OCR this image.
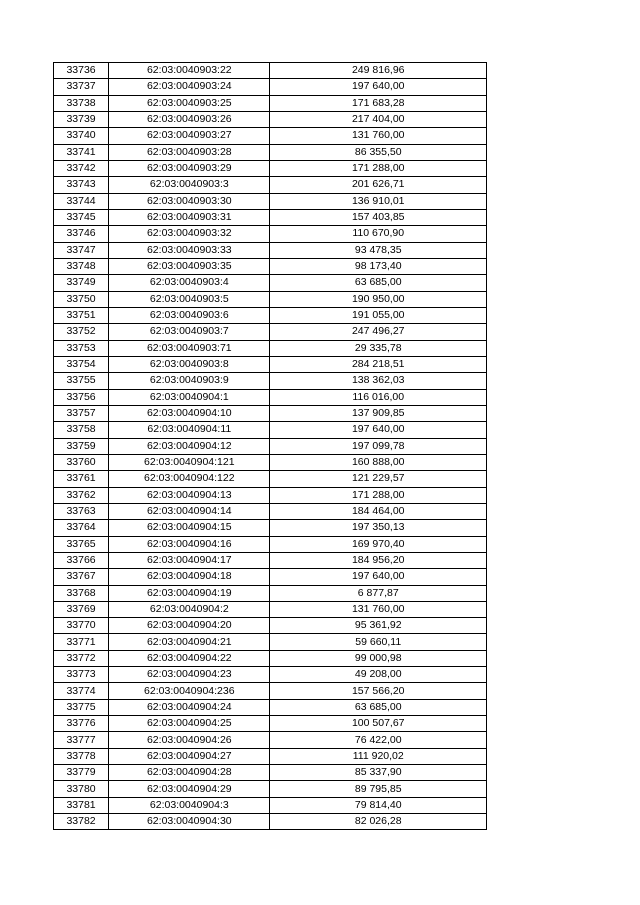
33736	62:03:0040903:22	249 816,96
33737	62:03:0040903:24	197 640,00
33738	62:03:0040903:25	171 683,28
33739	62:03:0040903:26	217 404,00
33740	62:03:0040903:27	131 760,00
33741	62:03:0040903:28	86 355,50
33742	62:03:0040903:29	171 288,00
33743	62:03:0040903:3	201 626,71
33744	62:03:0040903:30	136 910,01
33745	62:03:0040903:31	157 403,85
33746	62:03:0040903:32	110 670,90
33747	62:03:0040903:33	93 478,35
33748	62:03:0040903:35	98 173,40
33749	62:03:0040903:4	63 685,00
33750	62:03:0040903:5	190 950,00
33751	62:03:0040903:6	191 055,00
33752	62:03:0040903:7	247 496,27
33753	62:03:0040903:71	29 335,78
33754	62:03:0040903:8	284 218,51
33755	62:03:0040903:9	138 362,03
33756	62:03:0040904:1	116 016,00
33757	62:03:0040904:10	137 909,85
33758	62:03:0040904:11	197 640,00
33759	62:03:0040904:12	197 099,78
33760	62:03:0040904:121	160 888,00
33761	62:03:0040904:122	121 229,57
33762	62:03:0040904:13	171 288,00
33763	62:03:0040904:14	184 464,00
33764	62:03:0040904:15	197 350,13
33765	62:03:0040904:16	169 970,40
33766	62:03:0040904:17	184 956,20
33767	62:03:0040904:18	197 640,00
33768	62:03:0040904:19	6 877,87
33769	62:03:0040904:2	131 760,00
33770	62:03:0040904:20	95 361,92
33771	62:03:0040904:21	59 660,11
33772	62:03:0040904:22	99 000,98
33773	62:03:0040904:23	49 208,00
33774	62:03:0040904:236	157 566,20
33775	62:03:0040904:24	63 685,00
33776	62:03:0040904:25	100 507,67
33777	62:03:0040904:26	76 422,00
33778	62:03:0040904:27	111 920,02
33779	62:03:0040904:28	85 337,90
33780	62:03:0040904:29	89 795,85
33781	62:03:0040904:3	79 814,40
33782	62:03:0040904:30	82 026,28
